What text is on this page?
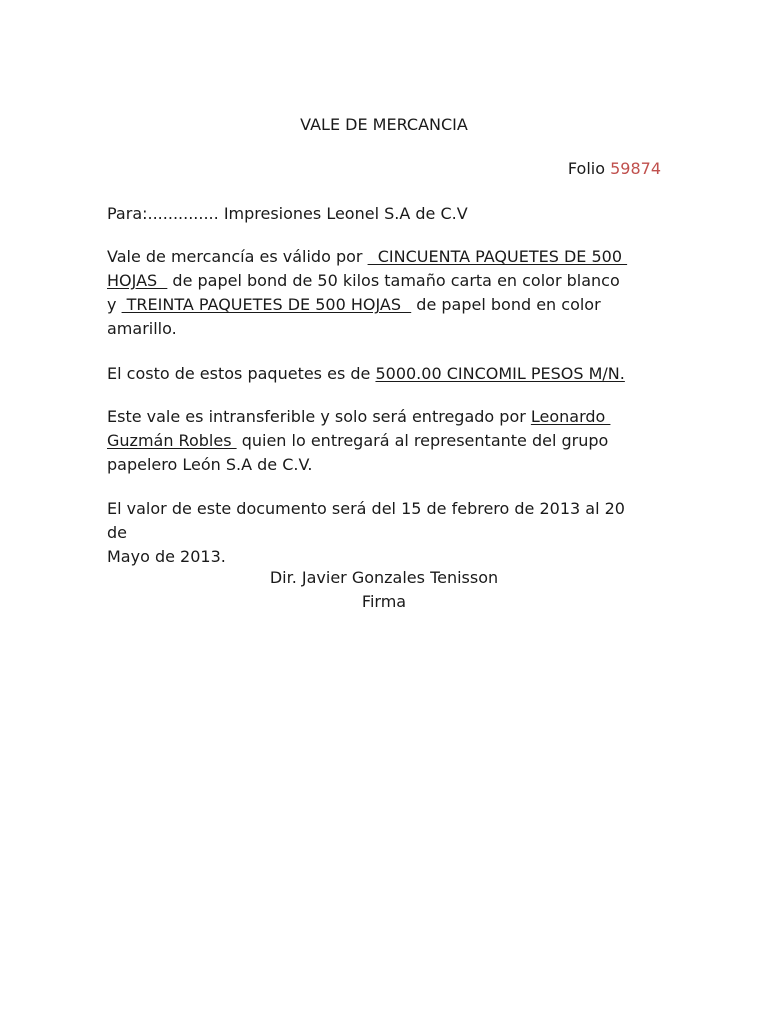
VALE DE MERCANCIA
Folio 59874
Para:.............. Impresiones Leonel S.A de C.V
Vale de mercancía es válido por   CINCUENTA PAQUETES DE 500
HOJAS   de papel bond de 50 kilos tamaño carta en color blanco
y  TREINTA PAQUETES DE 500 HOJAS   de papel bond en color
amarillo.
El costo de estos paquetes es de 5000.00 CINCOMIL PESOS M/N.
Este vale es intransferible y solo será entregado por Leonardo
Guzmán Robles  quien lo entregará al representante del grupo
papelero León S.A de C.V.
El valor de este documento será del 15 de febrero de 2013 al 20 de
Mayo de 2013.
Dir. Javier Gonzales Tenisson
Firma
